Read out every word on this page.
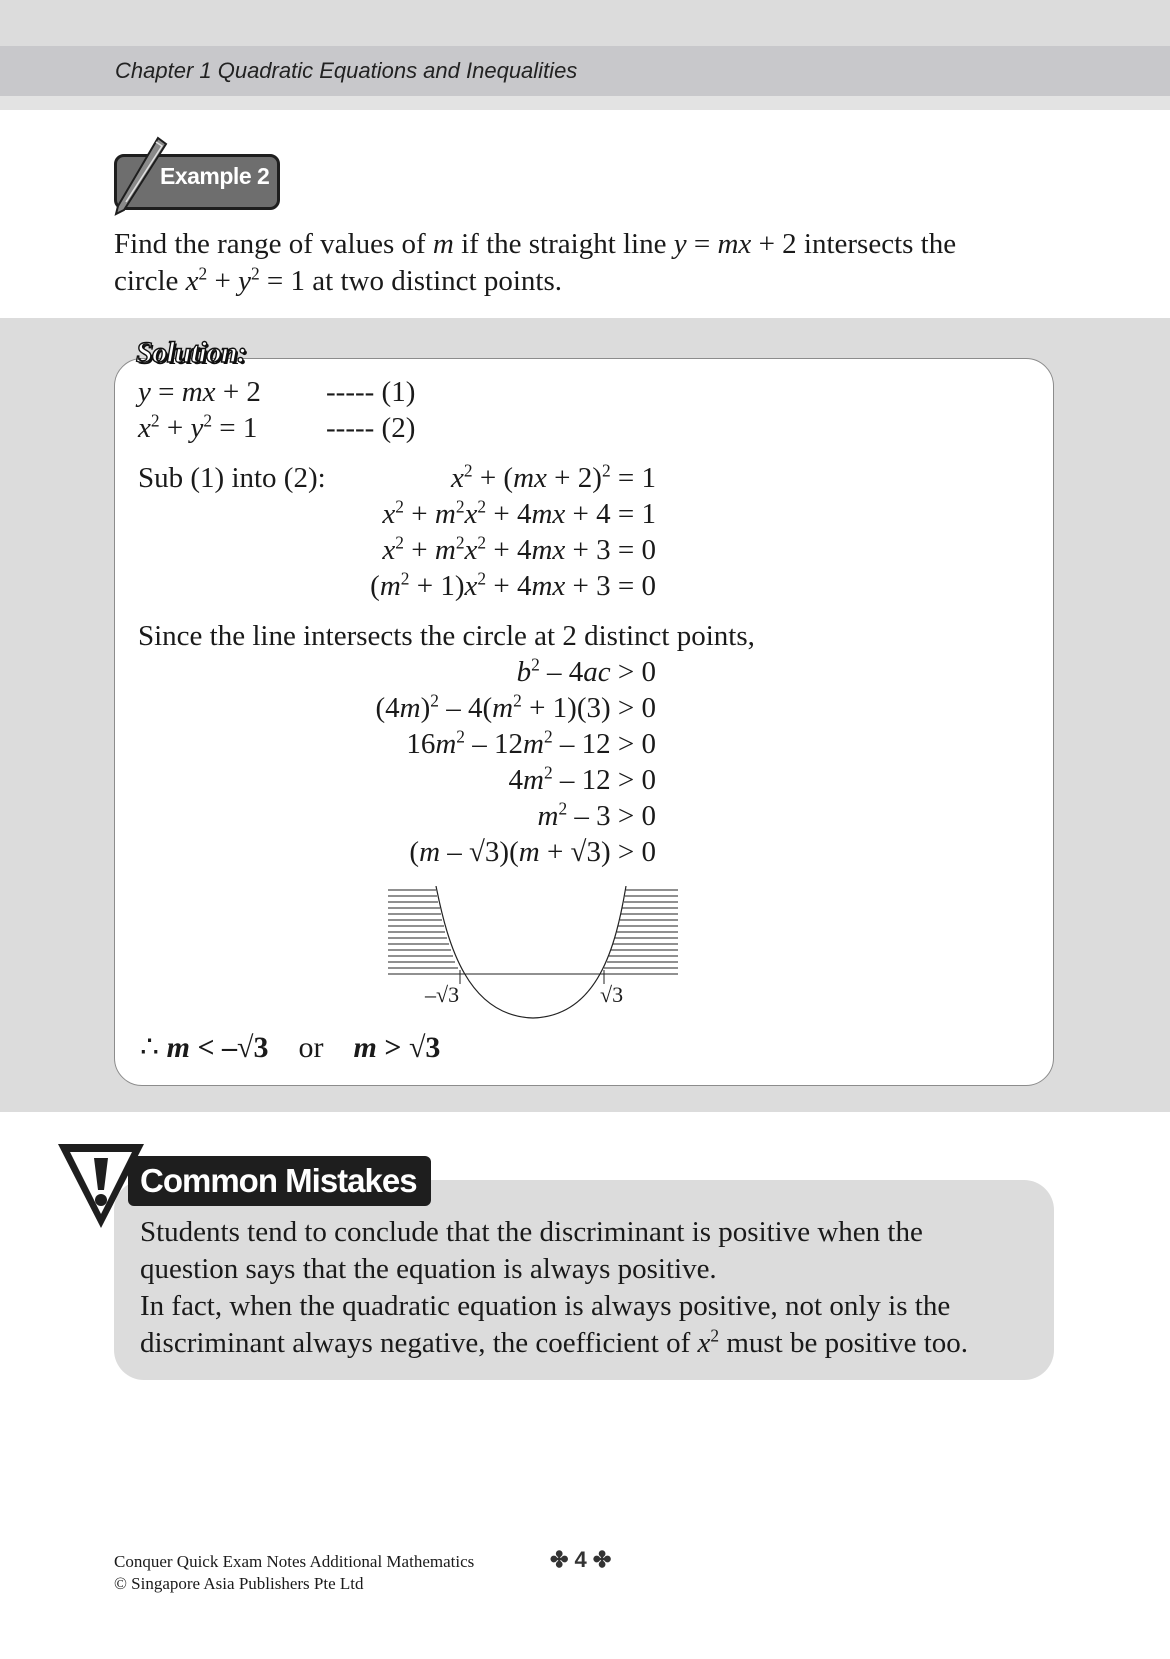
Chapter 1 Quadratic Equations and Inequalities
Example 2
Find the range of values of m if the straight line y = mx + 2 intersects the
circle $x^2 + y^2 = 1$ at two distinct points.
Solution:
y = mx + 2 ----- (1)
$x^2 + y^2 = 1$ ----- (2)
Sub (1) into (2):	$x^2 + (mx + 2)^2 = 1$
$x^2 + m^2x^2 + 4mx + 4 = 1$
$x^2 + m^2x^2 + 4mx + 3 = 0$
$(m^2 + 1)x^2 + 4mx + 3 = 0$
Since the line intersects the circle at 2 distinct points,
$b^2 - 4ac > 0$
$(4m)^2 - 4(m^2 + 1)(3) > 0$
$16m^2 - 12m^2 - 12 > 0$
$4m^2 - 12 > 0$
$m^2 - 3 > 0$
(m – √3)(m + √3) > 0
–√3	√3
∴ m < –√3 or m > √3
Common Mistakes
Students tend to conclude that the discriminant is positive when the
question says that the equation is always positive.
In fact, when the quadratic equation is always positive, not only is the
discriminant always negative, the coefficient of $x^2$ must be positive too.
Conquer Quick Exam Notes Additional Mathematics
© Singapore Asia Publishers Pte Ltd
✤ 4 ✤
